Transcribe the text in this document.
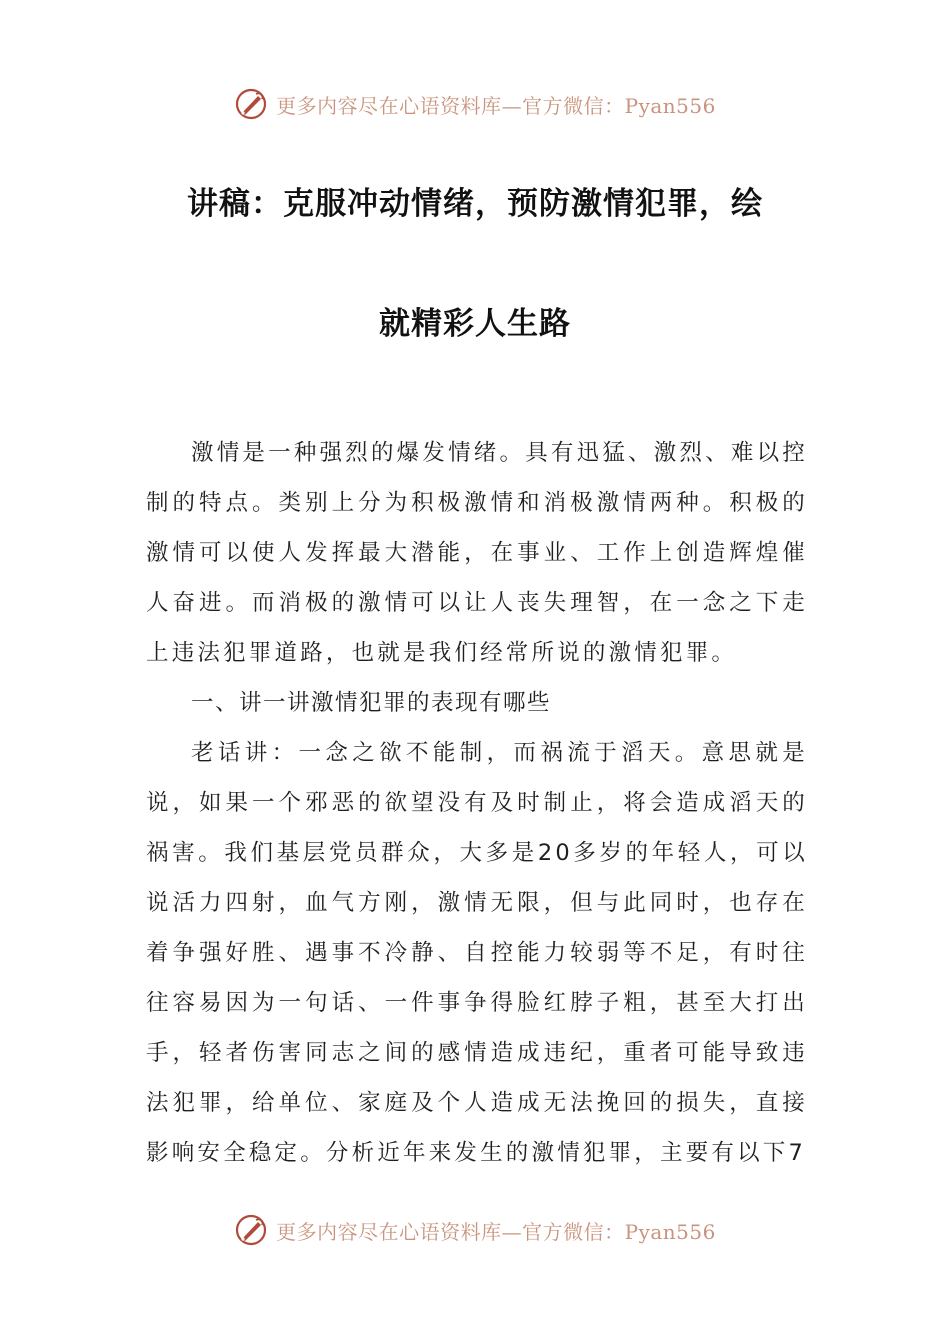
更多内容尽在心语资料库—官方微信：Pyan556
讲稿：克服冲动情绪，预防激情犯罪，绘
就精彩人生路

激情是一种强烈的爆发情绪。具有迅猛、激烈、难以控制的特点。类别上分为积极激情和消极激情两种。积极的激情可以使人发挥最大潜能，在事业、工作上创造辉煌催人奋进。而消极的激情可以让人丧失理智，在一念之下走上违法犯罪道路，也就是我们经常所说的激情犯罪。

一、讲一讲激情犯罪的表现有哪些

老话讲：一念之欲不能制，而祸流于滔天。意思就是说，如果一个邪恶的欲望没有及时制止，将会造成滔天的祸害。我们基层党员群众，大多是20多岁的年轻人，可以说活力四射，血气方刚，激情无限，但与此同时，也存在着争强好胜、遇事不冷静、自控能力较弱等不足，有时往往容易因为一句话、一件事争得脸红脖子粗，甚至大打出手，轻者伤害同志之间的感情造成违纪，重者可能导致违法犯罪，给单位、家庭及个人造成无法挽回的损失，直接影响安全稳定。分析近年来发生的激情犯罪，主要有以下7

更多内容尽在心语资料库—官方微信：Pyan556
